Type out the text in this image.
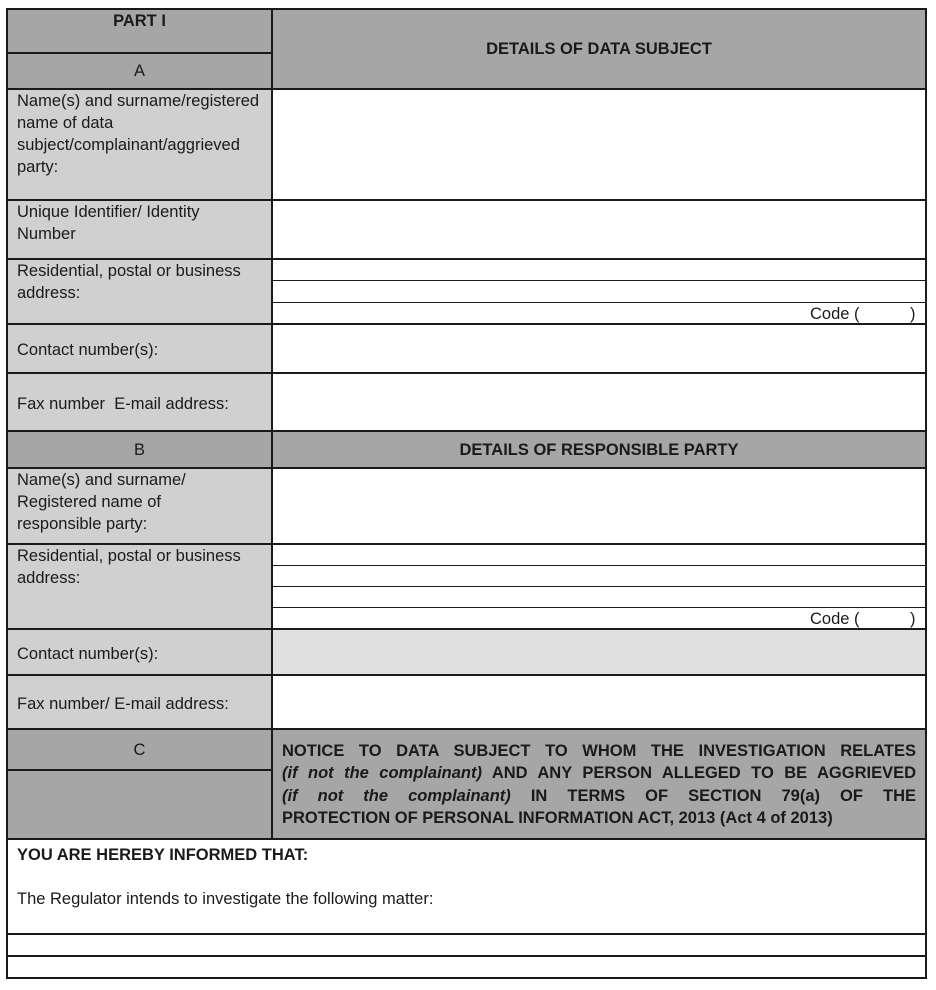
PART I
A
DETAILS OF DATA SUBJECT
Name(s) and surname/registered name of data subject/complainant/aggrieved party:
Unique Identifier/ Identity Number
Residential, postal or business address:
Code (	)
Contact number(s):
Fax number  E-mail address:
B	DETAILS OF RESPONSIBLE PARTY
Name(s) and surname/ Registered name of responsible party:
Residential, postal or business address:
Code (	)
Contact number(s):
Fax number/ E-mail address:
C	NOTICE TO DATA SUBJECT TO WHOM THE INVESTIGATION RELATES
(if not the complainant) AND ANY PERSON ALLEGED TO BE AGGRIEVED
(if not the complainant) IN TERMS OF SECTION 79(a) OF THE
PROTECTION OF PERSONAL INFORMATION ACT, 2013 (Act 4 of 2013)
YOU ARE HEREBY INFORMED THAT:
The Regulator intends to investigate the following matter:
